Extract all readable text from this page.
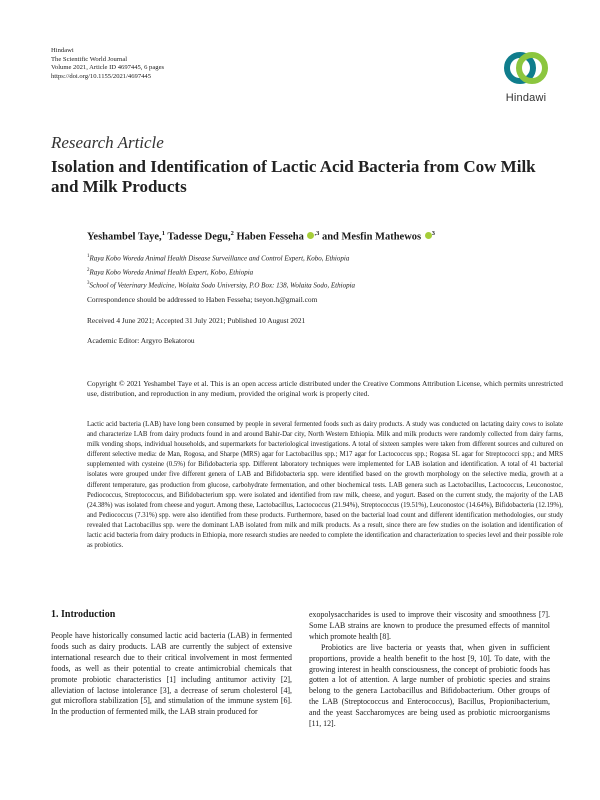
Hindawi
The Scientific World Journal
Volume 2021, Article ID 4697445, 6 pages
https://doi.org/10.1155/2021/4697445
Hindawi
Research Article
Isolation and Identification of Lactic Acid Bacteria from Cow Milk and Milk Products
Yeshambel Taye,$^1$ Tadesse Degu,$^2$ Haben Fesseha $^{,3}$ and Mesfin Mathewos $^3$
$^1$Raya Kobo Woreda Animal Health Disease Surveillance and Control Expert, Kobo, Ethiopia
$^2$Raya Kobo Woreda Animal Health Expert, Kobo, Ethiopia
$^3$School of Veterinary Medicine, Wolaita Sodo University, P.O Box: 138, Wolaita Sodo, Ethiopia
Correspondence should be addressed to Haben Fesseha; tseyon.h@gmail.com
Received 4 June 2021; Accepted 31 July 2021; Published 10 August 2021
Academic Editor: Argyro Bekatorou

Copyright © 2021 Yeshambel Taye et al. This is an open access article distributed under the Creative Commons Attribution License, which permits unrestricted use, distribution, and reproduction in any medium, provided the original work is properly cited.

Lactic acid bacteria (LAB) have long been consumed by people in several fermented foods such as dairy products. A study was conducted on lactating dairy cows to isolate and characterize LAB from dairy products found in and around Bahir-Dar city, North Western Ethiopia. Milk and milk products were randomly collected from dairy farms, milk vending shops, individual households, and supermarkets for bacteriological investigations. A total of sixteen samples were taken from different sources and cultured on different selective media: de Man, Rogosa, and Sharpe (MRS) agar for Lactobacillus spp.; M17 agar for Lactococcus spp.; Rogasa SL agar for Streptococci spp.; and MRS supplemented with cysteine (0.5%) for Bifidobacteria spp. Different laboratory techniques were implemented for LAB isolation and identification. A total of 41 bacterial isolates were grouped under five different genera of LAB and Bifidobacteria spp. were identified based on the growth morphology on the selective media, growth at a different temperature, gas production from glucose, carbohydrate fermentation, and other biochemical tests. LAB genera such as Lactobacillus, Lactococcus, Leuconostoc, Pediococcus, Streptococcus, and Bifidobacterium spp. were isolated and identified from raw milk, cheese, and yogurt. Based on the current study, the majority of the LAB (24.38%) was isolated from cheese and yogurt. Among these, Lactobacillus, Lactococcus (21.94%), Streptococcus (19.51%), Leuconostoc (14.64%), Bifidobacteria (12.19%), and Pediococcus (7.31%) spp. were also identified from these products. Furthermore, based on the bacterial load count and different identification methodologies, our study revealed that Lactobacillus spp. were the dominant LAB isolated from milk and milk products. As a result, since there are few studies on the isolation and identification of lactic acid bacteria from dairy products in Ethiopia, more research studies are needed to complete the identification and characterization to species level and their possible role as probiotics.

1. Introduction

People have historically consumed lactic acid bacteria (LAB) in fermented foods such as dairy products. LAB are currently the subject of extensive international research due to their critical involvement in most fermented foods, as well as their potential to create antimicrobial chemicals that promote probiotic characteristics [1] including antitumor activity [2], alleviation of lactose intolerance [3], a decrease of serum cholesterol [4], gut microflora stabilization [5], and stimulation of the immune system [6]. In the production of fermented milk, the LAB strain produced for

exopolysaccharides is used to improve their viscosity and smoothness [7]. Some LAB strains are known to produce the presumed effects of mannitol which promote health [8].

Probiotics are live bacteria or yeasts that, when given in sufficient proportions, provide a health benefit to the host [9, 10]. To date, with the growing interest in health consciousness, the concept of probiotic foods has gotten a lot of attention. A large number of probiotic species and strains belong to the genera Lactobacillus and Bifidobacterium. Other groups of the LAB (Streptococcus and Enterococcus), Bacillus, Propionibacterium, and the yeast Saccharomyces are being used as probiotic microorganisms [11, 12].
